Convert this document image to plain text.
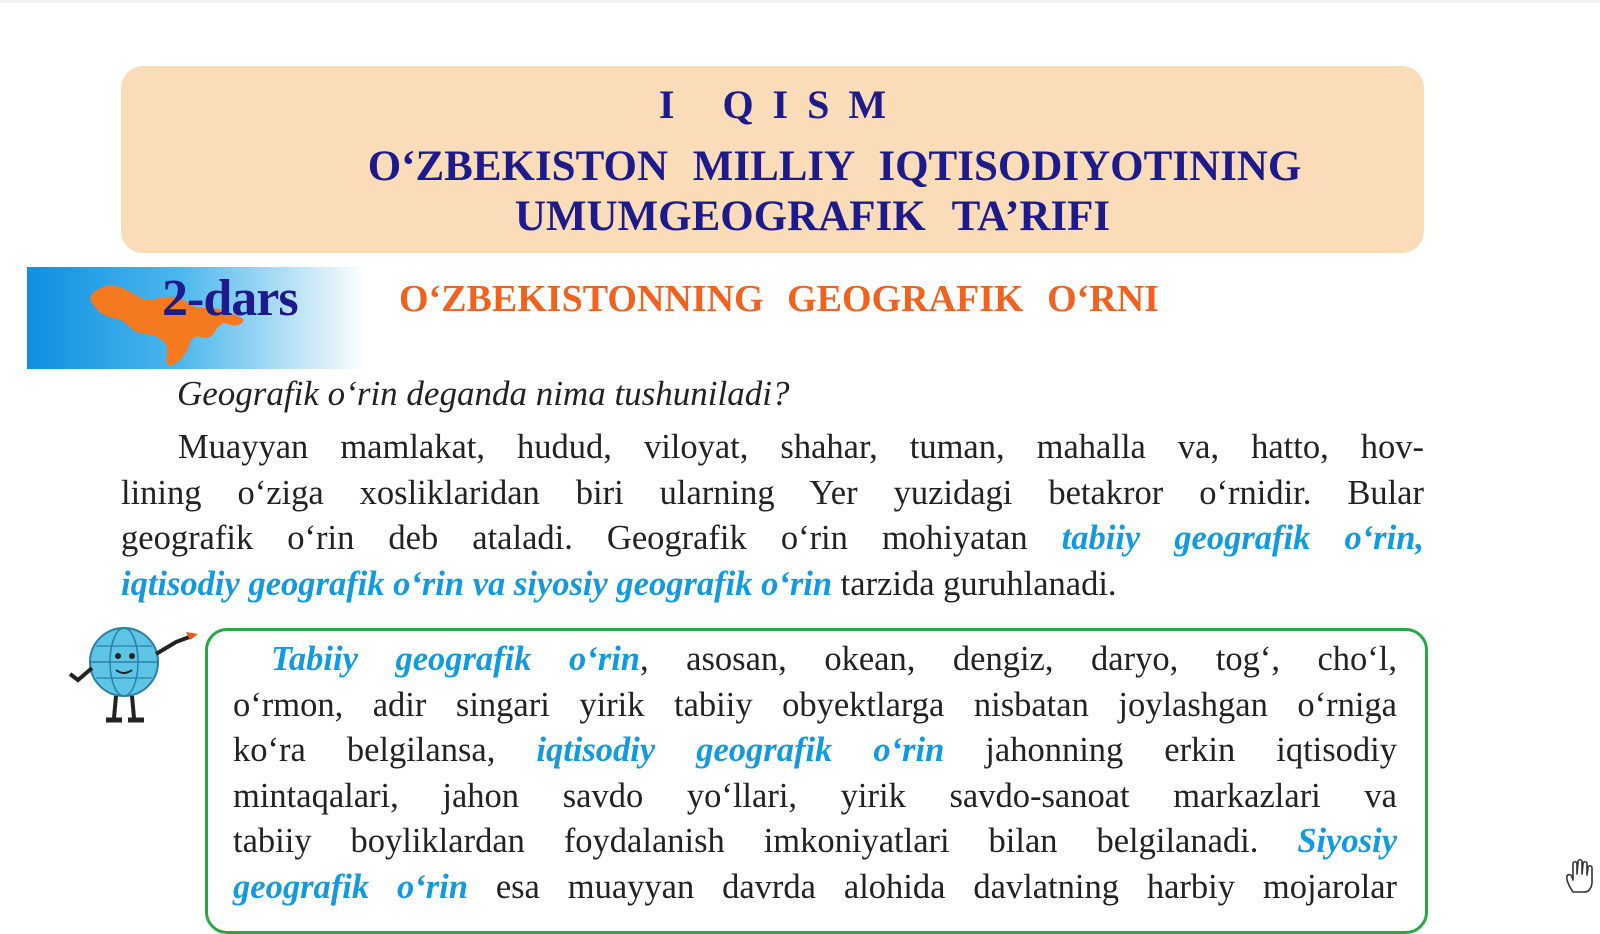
I QISM
O‘ZBEKISTON MILLIY IQTISODIYOTINING
UMUMGEOGRAFIK TA’RIFI
2-dars	O‘ZBEKISTONNING GEOGRAFIK O‘RNI
Geografik o‘rin deganda nima tushuniladi?
Muayyan mamlakat, hudud, viloyat, shahar, tuman, mahalla va, hatto, hov-
lining o‘ziga xosliklaridan biri ularning Yer yuzidagi betakror o‘rnidir. Bular
geografik o‘rin deb ataladi. Geografik o‘rin mohiyatan tabiiy geografik o‘rin,
iqtisodiy geografik o‘rin va siyosiy geografik o‘rin tarzida guruhlanadi.
Tabiiy geografik o‘rin, asosan, okean, dengiz, daryo, tog‘, cho‘l,
o‘rmon, adir singari yirik tabiiy obyektlarga nisbatan joylashgan o‘rniga
ko‘ra belgilansa, iqtisodiy geografik o‘rin jahonning erkin iqtisodiy
mintaqalari, jahon savdo yo‘llari, yirik savdo-sanoat markazlari va
tabiiy boyliklardan foydalanish imkoniyatlari bilan belgilanadi. Siyosiy
geografik o‘rin esa muayyan davrda alohida davlatning harbiy mojarolar
